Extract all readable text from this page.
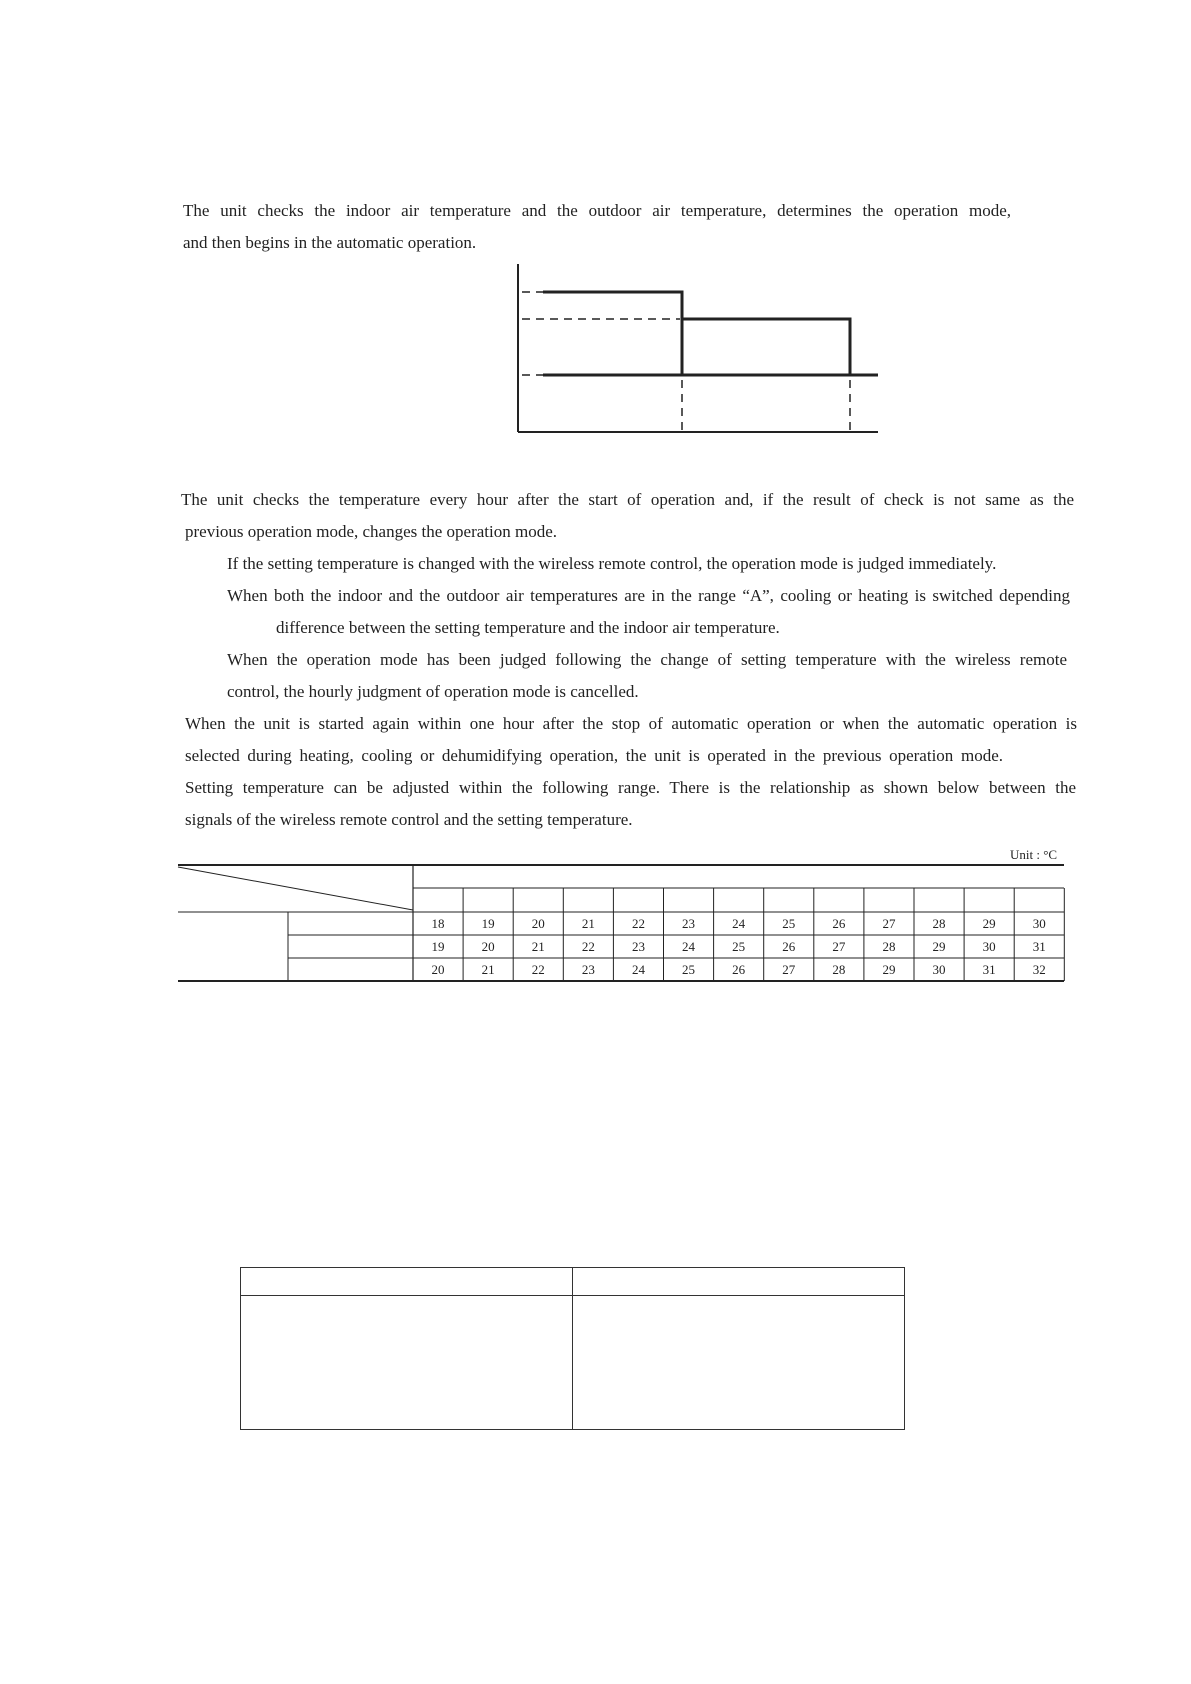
The unit checks the indoor air temperature and the outdoor air temperature, determines the operation mode,
and then begins in the automatic operation.
The unit checks the temperature every hour after the start of operation and, if the result of check is not same as the
previous operation mode, changes the operation mode.
If the setting temperature is changed with the wireless remote control, the operation mode is judged immediately.
When both the indoor and the outdoor air temperatures are in the range “A”, cooling or heating is switched depending
difference between the setting temperature and the indoor air temperature.
When the operation mode has been judged following the change of setting temperature with the wireless remote
control, the hourly judgment of operation mode is cancelled.
When the unit is started again within one hour after the stop of automatic operation or when the automatic operation is
selected during heating, cooling or dehumidifying operation, the unit is operated in the previous operation mode.
Setting temperature can be adjusted within the following range. There is the relationship as shown below between the
signals of the wireless remote control and the setting temperature.
Unit : °C
18	19	20	21	22	23	24	25	26	27	28	29	30
19	20	21	22	23	24	25	26	27	28	29	30	31
20	21	22	23	24	25	26	27	28	29	30	31	32
